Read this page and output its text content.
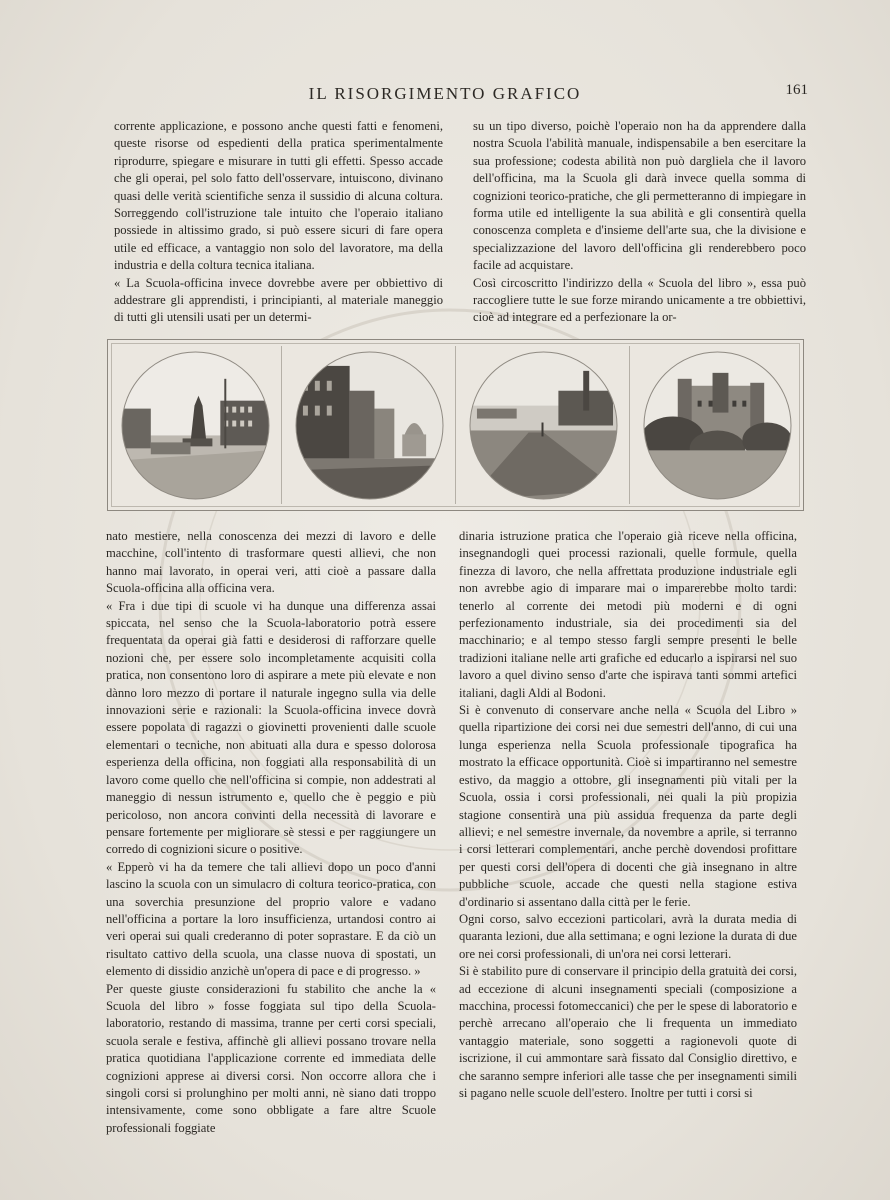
IL RISORGIMENTO GRAFICO	161

corrente applicazione, e possono anche questi fatti e fenomeni, queste risorse od espedienti della pratica sperimentalmente riprodurre, spiegare e misurare in tutti gli effetti. Spesso accade che gli operai, pel solo fatto dell'osservare, intuiscono, divinano quasi delle verità scientifiche senza il sussidio di alcuna coltura. Sorreggendo coll'istruzione tale intuito che l'operaio italiano possiede in altissimo grado, si può essere sicuri di fare opera utile ed efficace, a vantaggio non solo del lavoratore, ma della industria e della coltura tecnica italiana.

« La Scuola-officina invece dovrebbe avere per obbiettivo di addestrare gli apprendisti, i principianti, al materiale maneggio di tutti gli utensili usati per un determi-

su un tipo diverso, poichè l'operaio non ha da apprendere dalla nostra Scuola l'abilità manuale, indispensabile a ben esercitare la sua professione; codesta abilità non può dargliela che il lavoro dell'officina, ma la Scuola gli darà invece quella somma di cognizioni teorico-pratiche, che gli permetteranno di impiegare in forma utile ed intelligente la sua abilità e gli consentirà quella conoscenza completa e d'insieme dell'arte sua, che la divisione e specializzazione del lavoro dell'officina gli renderebbero poco facile ad acquistare.

Così circoscritto l'indirizzo della « Scuola del libro », essa può raccogliere tutte le sue forze mirando unicamente a tre obbiettivi, cioè ad integrare ed a perfezionare la or-

nato mestiere, nella conoscenza dei mezzi di lavoro e delle macchine, coll'intento di trasformare questi allievi, che non hanno mai lavorato, in operai veri, atti cioè a passare dalla Scuola-officina alla officina vera.

« Fra i due tipi di scuole vi ha dunque una differenza assai spiccata, nel senso che la Scuola-laboratorio potrà essere frequentata da operai già fatti e desiderosi di rafforzare quelle nozioni che, per essere solo incompletamente acquisiti colla pratica, non consentono loro di aspirare a mete più elevate e non dànno loro mezzo di portare il naturale ingegno sulla via delle innovazioni serie e razionali: la Scuola-officina invece dovrà essere popolata di ragazzi o giovinetti provenienti dalle scuole elementari o tecniche, non abituati alla dura e spesso dolorosa esperienza della officina, non foggiati alla responsabilità di un lavoro come quello che nell'officina si compie, non addestrati al maneggio di nessun istrumento e, quello che è peggio e più pericoloso, non ancora convinti della necessità di lavorare e pensare fortemente per migliorare sè stessi e per raggiungere un corredo di cognizioni sicure o positive.

« Epperò vi ha da temere che tali allievi dopo un poco d'anni lascino la scuola con un simulacro di coltura teorico-pratica, con una soverchia presunzione del proprio valore e vadano nell'officina a portare la loro insufficienza, urtandosi contro ai veri operai sui quali crederanno di poter soprastare. E da ciò un risultato cattivo della scuola, una classe nuova di spostati, un elemento di dissidio anzichè un'opera di pace e di progresso. »

Per queste giuste considerazioni fu stabilito che anche la « Scuola del libro » fosse foggiata sul tipo della Scuola-laboratorio, restando di massima, tranne per certi corsi speciali, scuola serale e festiva, affinchè gli allievi possano trovare nella pratica quotidiana l'applicazione corrente ed immediata delle cognizioni apprese ai diversi corsi. Non occorre allora che i singoli corsi si prolunghino per molti anni, nè siano dati troppo intensivamente, come sono obbligate a fare altre Scuole professionali foggiate

dinaria istruzione pratica che l'operaio già riceve nella officina, insegnandogli quei processi razionali, quelle formule, quella finezza di lavoro, che nella affrettata produzione industriale egli non avrebbe agio di imparare mai o imparerebbe molto tardi: tenerlo al corrente dei metodi più moderni e di ogni perfezionamento industriale, sia dei procedimenti sia del macchinario; e al tempo stesso fargli sempre presenti le belle tradizioni italiane nelle arti grafiche ed educarlo a ispirarsi nel suo lavoro a quel divino senso d'arte che ispirava tanti sommi artefici italiani, dagli Aldi al Bodoni.

Si è convenuto di conservare anche nella « Scuola del Libro » quella ripartizione dei corsi nei due semestri dell'anno, di cui una lunga esperienza nella Scuola professionale tipografica ha mostrato la efficace opportunità. Cioè si impartiranno nel semestre estivo, da maggio a ottobre, gli insegnamenti più vitali per la Scuola, ossia i corsi professionali, nei quali la più propizia stagione consentirà una più assidua frequenza da parte degli allievi; e nel semestre invernale, da novembre a aprile, si terranno i corsi letterari complementari, anche perchè dovendosi profittare per questi corsi dell'opera di docenti che già insegnano in altre pubbliche scuole, accade che questi nella stagione estiva d'ordinario si assentano dalla città per le ferie.

Ogni corso, salvo eccezioni particolari, avrà la durata media di quaranta lezioni, due alla settimana; e ogni lezione la durata di due ore nei corsi professionali, di un'ora nei corsi letterari.

Si è stabilito pure di conservare il principio della gratuità dei corsi, ad eccezione di alcuni insegnamenti speciali (composizione a macchina, processi fotomeccanici) che per le spese di laboratorio e perchè arrecano all'operaio che li frequenta un immediato vantaggio materiale, sono soggetti a ragionevoli quote di iscrizione, il cui ammontare sarà fissato dal Consiglio direttivo, e che saranno sempre inferiori alle tasse che per insegnamenti simili si pagano nelle scuole dell'estero. Inoltre per tutti i corsi si
